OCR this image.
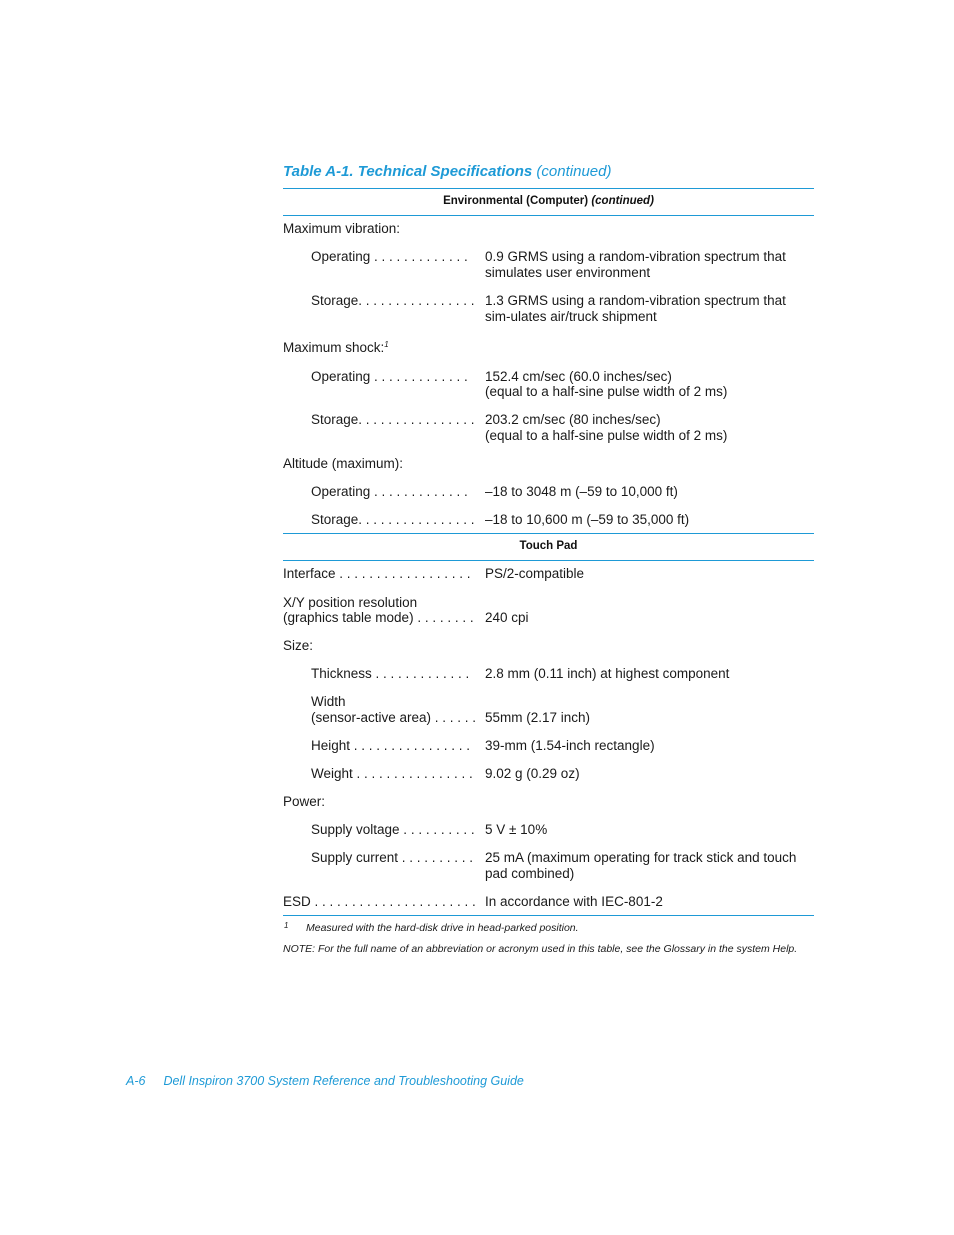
Table A-1. Technical Specifications (continued)
Environmental (Computer) (continued)
Maximum vibration:
Operating . . . . . . . . . . . . .	0.9 GRMS using a random-vibration spectrum that simulates user environment
Storage. . . . . . . . . . . . . . . . 1.3 GRMS using a random-vibration spectrum that sim-ulates air/truck shipment
Maximum shock:$^1$
Operating . . . . . . . . . . . . .	152.4 cm/sec (60.0 inches/sec)
(equal to a half-sine pulse width of 2 ms)
Storage. . . . . . . . . . . . . . . . 203.2 cm/sec (80 inches/sec)
(equal to a half-sine pulse width of 2 ms)
Altitude (maximum):
Operating . . . . . . . . . . . . .	–18 to 3048 m (–59 to 10,000 ft)
Storage. . . . . . . . . . . . . . . . –18 to 10,600 m (–59 to 35,000 ft)
Touch Pad
Interface . . . . . . . . . . . . . . . . . .	PS/2-compatible
X/Y position resolution
(graphics table mode) . . . . . . . . 240 cpi
Size:
Thickness . . . . . . . . . . . . .	2.8 mm (0.11 inch) at highest component
Width
(sensor-active area) . . . . . . 55mm (2.17 inch)
Height . . . . . . . . . . . . . . . .	39-mm (1.54-inch rectangle)
Weight . . . . . . . . . . . . . . . . 9.02 g (0.29 oz)
Power:
Supply voltage . . . . . . . . . . 5 V ± 10%
Supply current . . . . . . . . . . 25 mA (maximum operating for track stick and touch pad combined)
ESD . . . . . . . . . . . . . . . . . . . . . . In accordance with IEC-801-2
1 Measured with the hard-disk drive in head-parked position.
NOTE: For the full name of an abbreviation or acronym used in this table, see the Glossary in the system Help.
A-6 Dell Inspiron 3700 System Reference and Troubleshooting Guide
